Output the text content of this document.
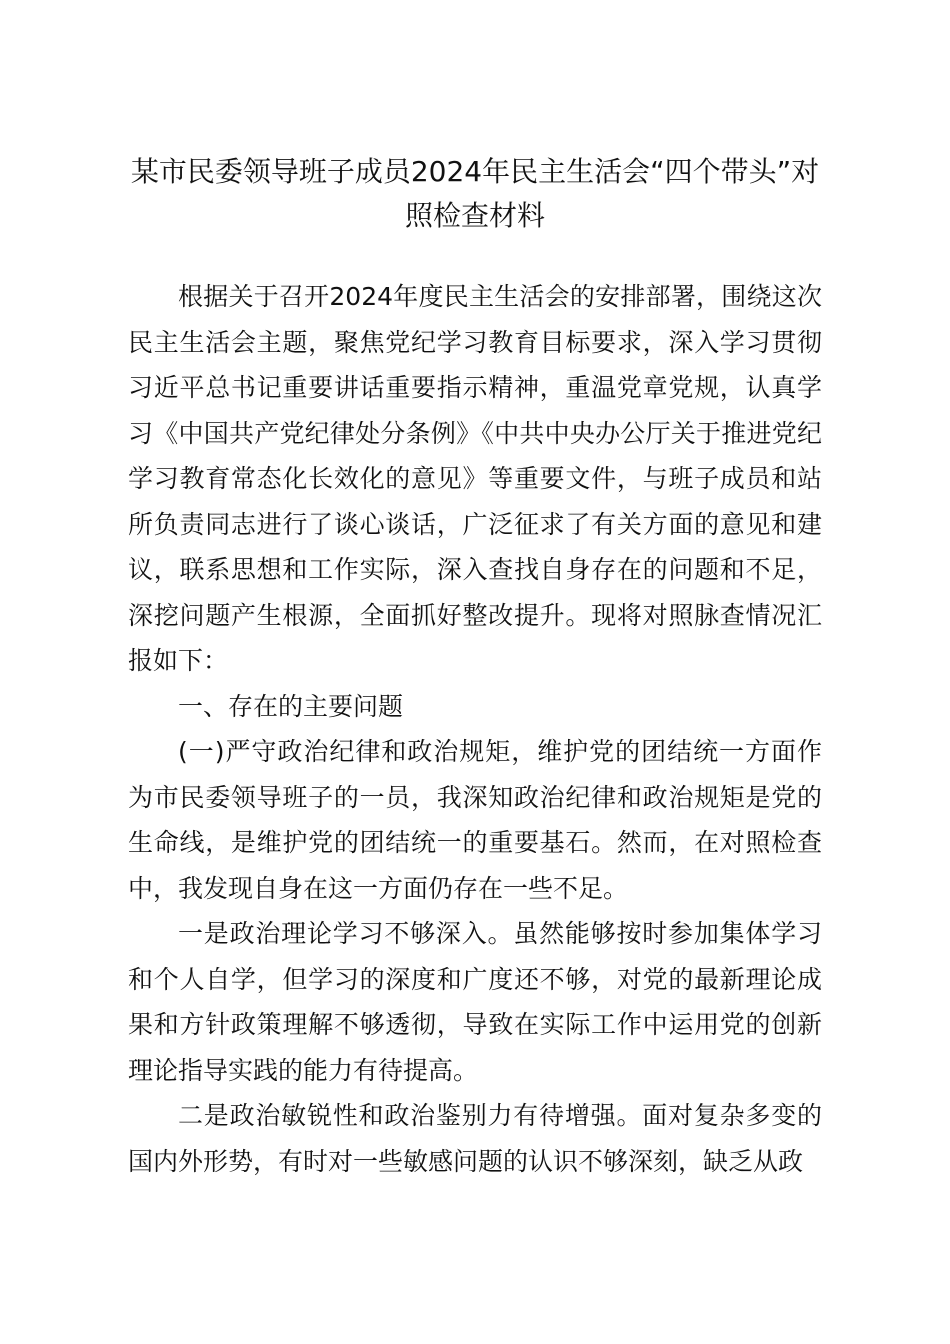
某市民委领导班子成员2024年民主生活会“四个带头”对照检查材料

根据关于召开2024年度民主生活会的安排部署，围绕这次民主生活会主题，聚焦党纪学习教育目标要求，深入学习贯彻习近平总书记重要讲话重要指示精神，重温党章党规，认真学习《中国共产党纪律处分条例》《中共中央办公厅关于推进党纪学习教育常态化长效化的意见》等重要文件，与班子成员和站所负责同志进行了谈心谈话，广泛征求了有关方面的意见和建议，联系思想和工作实际，深入查找自身存在的问题和不足，深挖问题产生根源，全面抓好整改提升。现将对照脉查情况汇报如下：

一、存在的主要问题

(一)严守政治纪律和政治规矩，维护党的团结统一方面作为市民委领导班子的一员，我深知政治纪律和政治规矩是党的生命线，是维护党的团结统一的重要基石。然而，在对照检查中，我发现自身在这一方面仍存在一些不足。

一是政治理论学习不够深入。虽然能够按时参加集体学习和个人自学，但学习的深度和广度还不够，对党的最新理论成果和方针政策理解不够透彻，导致在实际工作中运用党的创新理论指导实践的能力有待提高。

二是政治敏锐性和政治鉴别力有待增强。面对复杂多变的国内外形势，有时对一些敏感问题的认识不够深刻，缺乏从政
